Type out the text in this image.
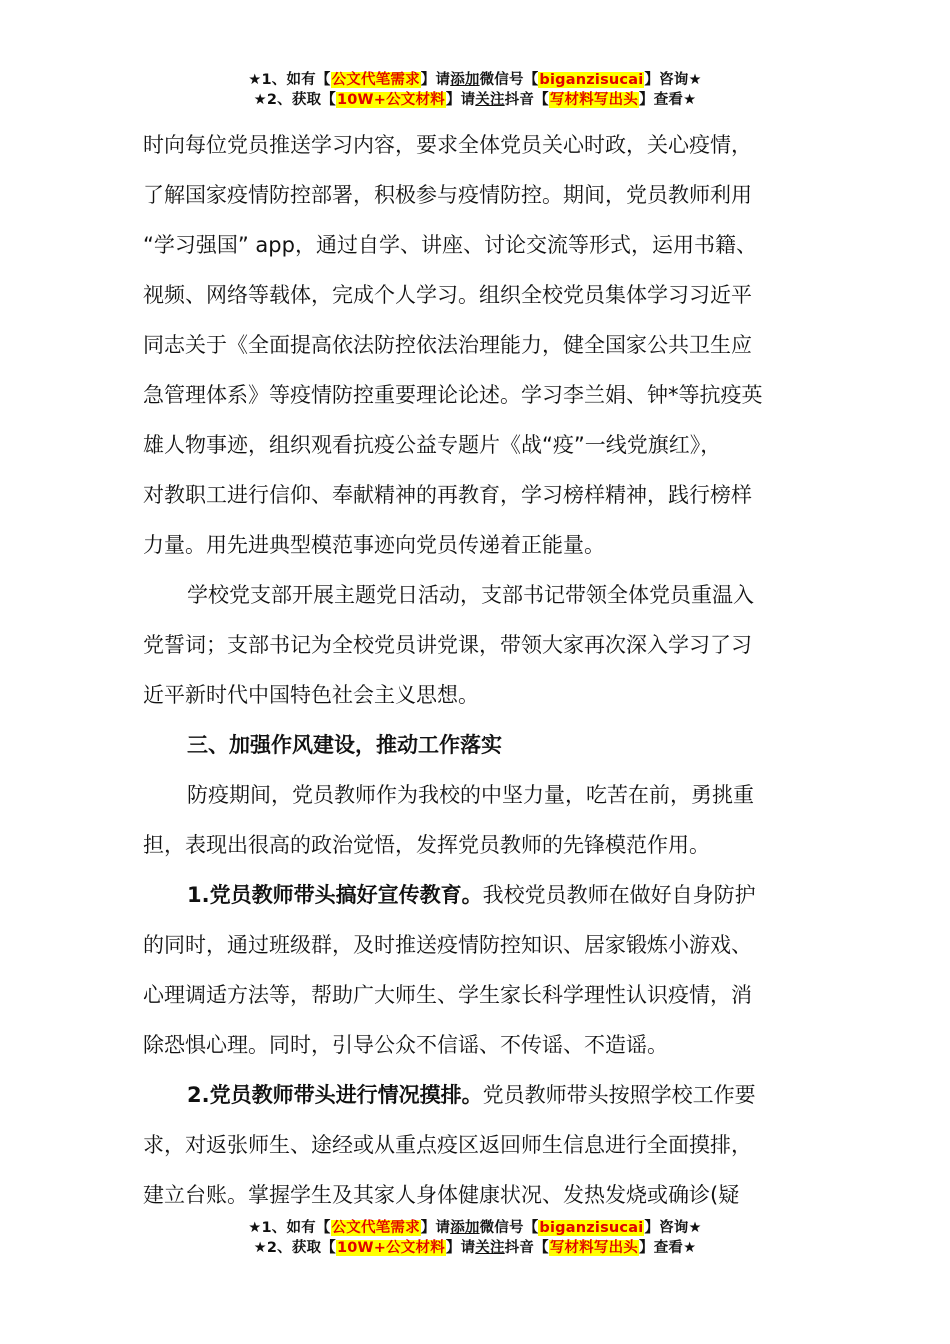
★1、如有【公文代笔需求】请添加微信号【biganzisucai】咨询★
★2、获取【10W+公文材料】请关注抖音【写材料写出头】查看★
时向每位党员推送学习内容，要求全体党员关心时政，关心疫情，
了解国家疫情防控部署，积极参与疫情防控。期间，党员教师利用
“学习强国” app，通过自学、讲座、讨论交流等形式，运用书籍、
视频、网络等载体，完成个人学习。组织全校党员集体学习习近平
同志关于《全面提高依法防控依法治理能力，健全国家公共卫生应
急管理体系》等疫情防控重要理论论述。学习李兰娟、钟*等抗疫英
雄人物事迹，组织观看抗疫公益专题片《战“疫”一线党旗红》，
对教职工进行信仰、奉献精神的再教育，学习榜样精神，践行榜样
力量。用先进典型模范事迹向党员传递着正能量。
学校党支部开展主题党日活动，支部书记带领全体党员重温入
党誓词；支部书记为全校党员讲党课，带领大家再次深入学习了习
近平新时代中国特色社会主义思想。
三、加强作风建设，推动工作落实
防疫期间，党员教师作为我校的中坚力量，吃苦在前，勇挑重
担，表现出很高的政治觉悟，发挥党员教师的先锋模范作用。
1.党员教师带头搞好宣传教育。我校党员教师在做好自身防护
的同时，通过班级群，及时推送疫情防控知识、居家锻炼小游戏、
心理调适方法等，帮助广大师生、学生家长科学理性认识疫情，消
除恐惧心理。同时，引导公众不信谣、不传谣、不造谣。
2.党员教师带头进行情况摸排。党员教师带头按照学校工作要
求，对返张师生、途经或从重点疫区返回师生信息进行全面摸排，
建立台账。掌握学生及其家人身体健康状况、发热发烧或确诊(疑
★1、如有【公文代笔需求】请添加微信号【biganzisucai】咨询★
★2、获取【10W+公文材料】请关注抖音【写材料写出头】查看★
